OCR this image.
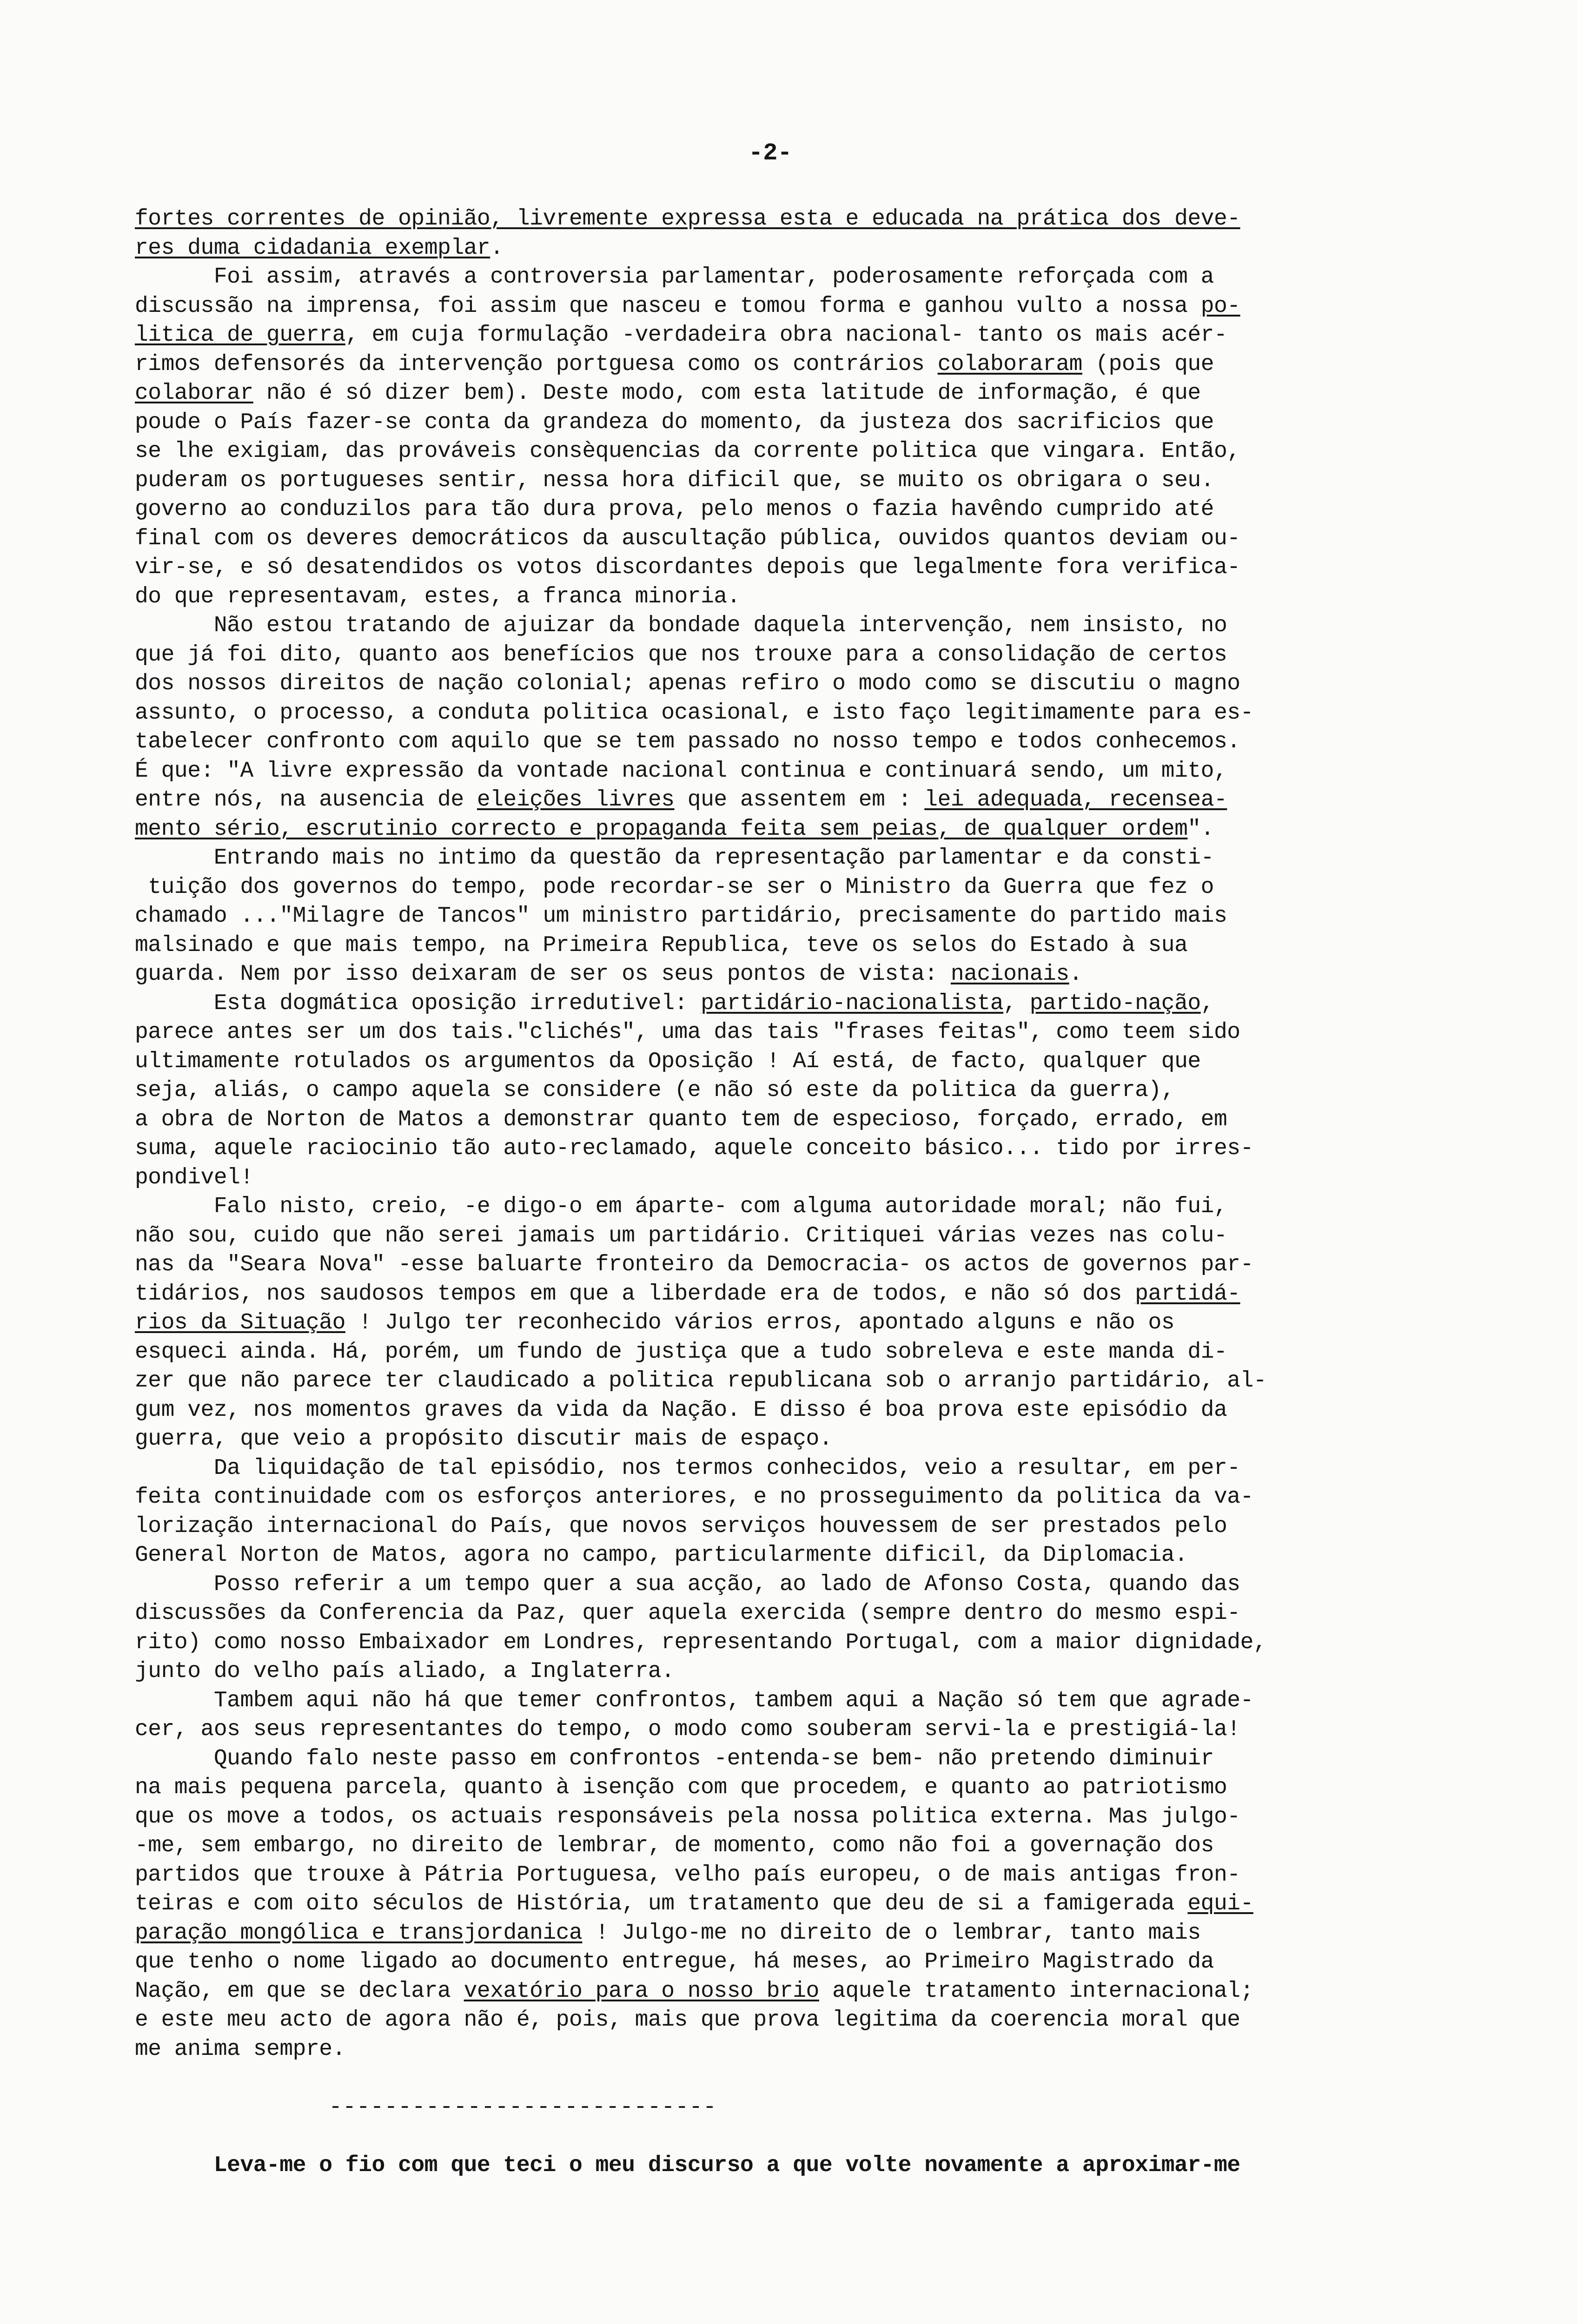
-2-
fortes correntes de opinião, livremente expressa esta e educada na prática dos deve-
res duma cidadania exemplar.
Foi assim, através a controversia parlamentar, poderosamente reforçada com a
discussão na imprensa, foi assim que nasceu e tomou forma e ganhou vulto a nossa po-
litica de guerra, em cuja formulação -verdadeira obra nacional- tanto os mais acér-
rimos defensorés da intervenção portguesa como os contrários colaboraram (pois que
colaborar não é só dizer bem). Deste modo, com esta latitude de informação, é que
poude o País fazer-se conta da grandeza do momento, da justeza dos sacrificios que
se lhe exigiam, das prováveis consèquencias da corrente politica que vingara. Então,
puderam os portugueses sentir, nessa hora dificil que, se muito os obrigara o seu.
governo ao conduzilos para tão dura prova, pelo menos o fazia havêndo cumprido até
final com os deveres democráticos da auscultação pública, ouvidos quantos deviam ou-
vir-se, e só desatendidos os votos discordantes depois que legalmente fora verifica-
do que representavam, estes, a franca minoria.
Não estou tratando de ajuizar da bondade daquela intervenção, nem insisto, no
que já foi dito, quanto aos benefícios que nos trouxe para a consolidação de certos
dos nossos direitos de nação colonial; apenas refiro o modo como se discutiu o magno
assunto, o processo, a conduta politica ocasional, e isto faço legitimamente para es-
tabelecer confronto com aquilo que se tem passado no nosso tempo e todos conhecemos.
É que: "A livre expressão da vontade nacional continua e continuará sendo, um mito,
entre nós, na ausencia de eleições livres que assentem em : lei adequada, recensea-
mento sério, escrutinio correcto e propaganda feita sem peias, de qualquer ordem".
Entrando mais no intimo da questão da representação parlamentar e da consti-
tuição dos governos do tempo, pode recordar-se ser o Ministro da Guerra que fez o
chamado ..."Milagre de Tancos" um ministro partidário, precisamente do partido mais
malsinado e que mais tempo, na Primeira Republica, teve os selos do Estado à sua
guarda. Nem por isso deixaram de ser os seus pontos de vista: nacionais.
Esta dogmática oposição irredutivel: partidário-nacionalista, partido-nação,
parece antes ser um dos tais."clichés", uma das tais "frases feitas", como teem sido
ultimamente rotulados os argumentos da Oposição ! Aí está, de facto, qualquer que
seja, aliás, o campo aquela se considere (e não só este da politica da guerra),
a obra de Norton de Matos a demonstrar quanto tem de especioso, forçado, errado, em
suma, aquele raciocinio tão auto-reclamado, aquele conceito básico... tido por irres-
pondivel!
Falo nisto, creio, -e digo-o em áparte- com alguma autoridade moral; não fui,
não sou, cuido que não serei jamais um partidário. Critiquei várias vezes nas colu-
nas da "Seara Nova" -esse baluarte fronteiro da Democracia- os actos de governos par-
tidários, nos saudosos tempos em que a liberdade era de todos, e não só dos partidá-
rios da Situação ! Julgo ter reconhecido vários erros, apontado alguns e não os
esqueci ainda. Há, porém, um fundo de justiça que a tudo sobreleva e este manda di-
zer que não parece ter claudicado a politica republicana sob o arranjo partidário, al-
gum vez, nos momentos graves da vida da Nação. E disso é boa prova este episódio da
guerra, que veio a propósito discutir mais de espaço.
Da liquidação de tal episódio, nos termos conhecidos, veio a resultar, em per-
feita continuidade com os esforços anteriores, e no prosseguimento da politica da va-
lorização internacional do País, que novos serviços houvessem de ser prestados pelo
General Norton de Matos, agora no campo, particularmente dificil, da Diplomacia.
Posso referir a um tempo quer a sua acção, ao lado de Afonso Costa, quando das
discussões da Conferencia da Paz, quer aquela exercida (sempre dentro do mesmo espi-
rito) como nosso Embaixador em Londres, representando Portugal, com a maior dignidade,
junto do velho país aliado, a Inglaterra.
Tambem aqui não há que temer confrontos, tambem aqui a Nação só tem que agrade-
cer, aos seus representantes do tempo, o modo como souberam servi-la e prestigiá-la!
Quando falo neste passo em confrontos -entenda-se bem- não pretendo diminuir
na mais pequena parcela, quanto à isenção com que procedem, e quanto ao patriotismo
que os move a todos, os actuais responsáveis pela nossa politica externa. Mas julgo-
-me, sem embargo, no direito de lembrar, de momento, como não foi a governação dos
partidos que trouxe à Pátria Portuguesa, velho país europeu, o de mais antigas fron-
teiras e com oito séculos de História, um tratamento que deu de si a famigerada equi-
paração mongólica e transjordanica ! Julgo-me no direito de o lembrar, tanto mais
que tenho o nome ligado ao documento entregue, há meses, ao Primeiro Magistrado da
Nação, em que se declara vexatório para o nosso brio aquele tratamento internacional;
e este meu acto de agora não é, pois, mais que prova legitima da coerencia moral que
me anima sempre.
----------------------------
Leva-me o fio com que teci o meu discurso a que volte novamente a aproximar-me
